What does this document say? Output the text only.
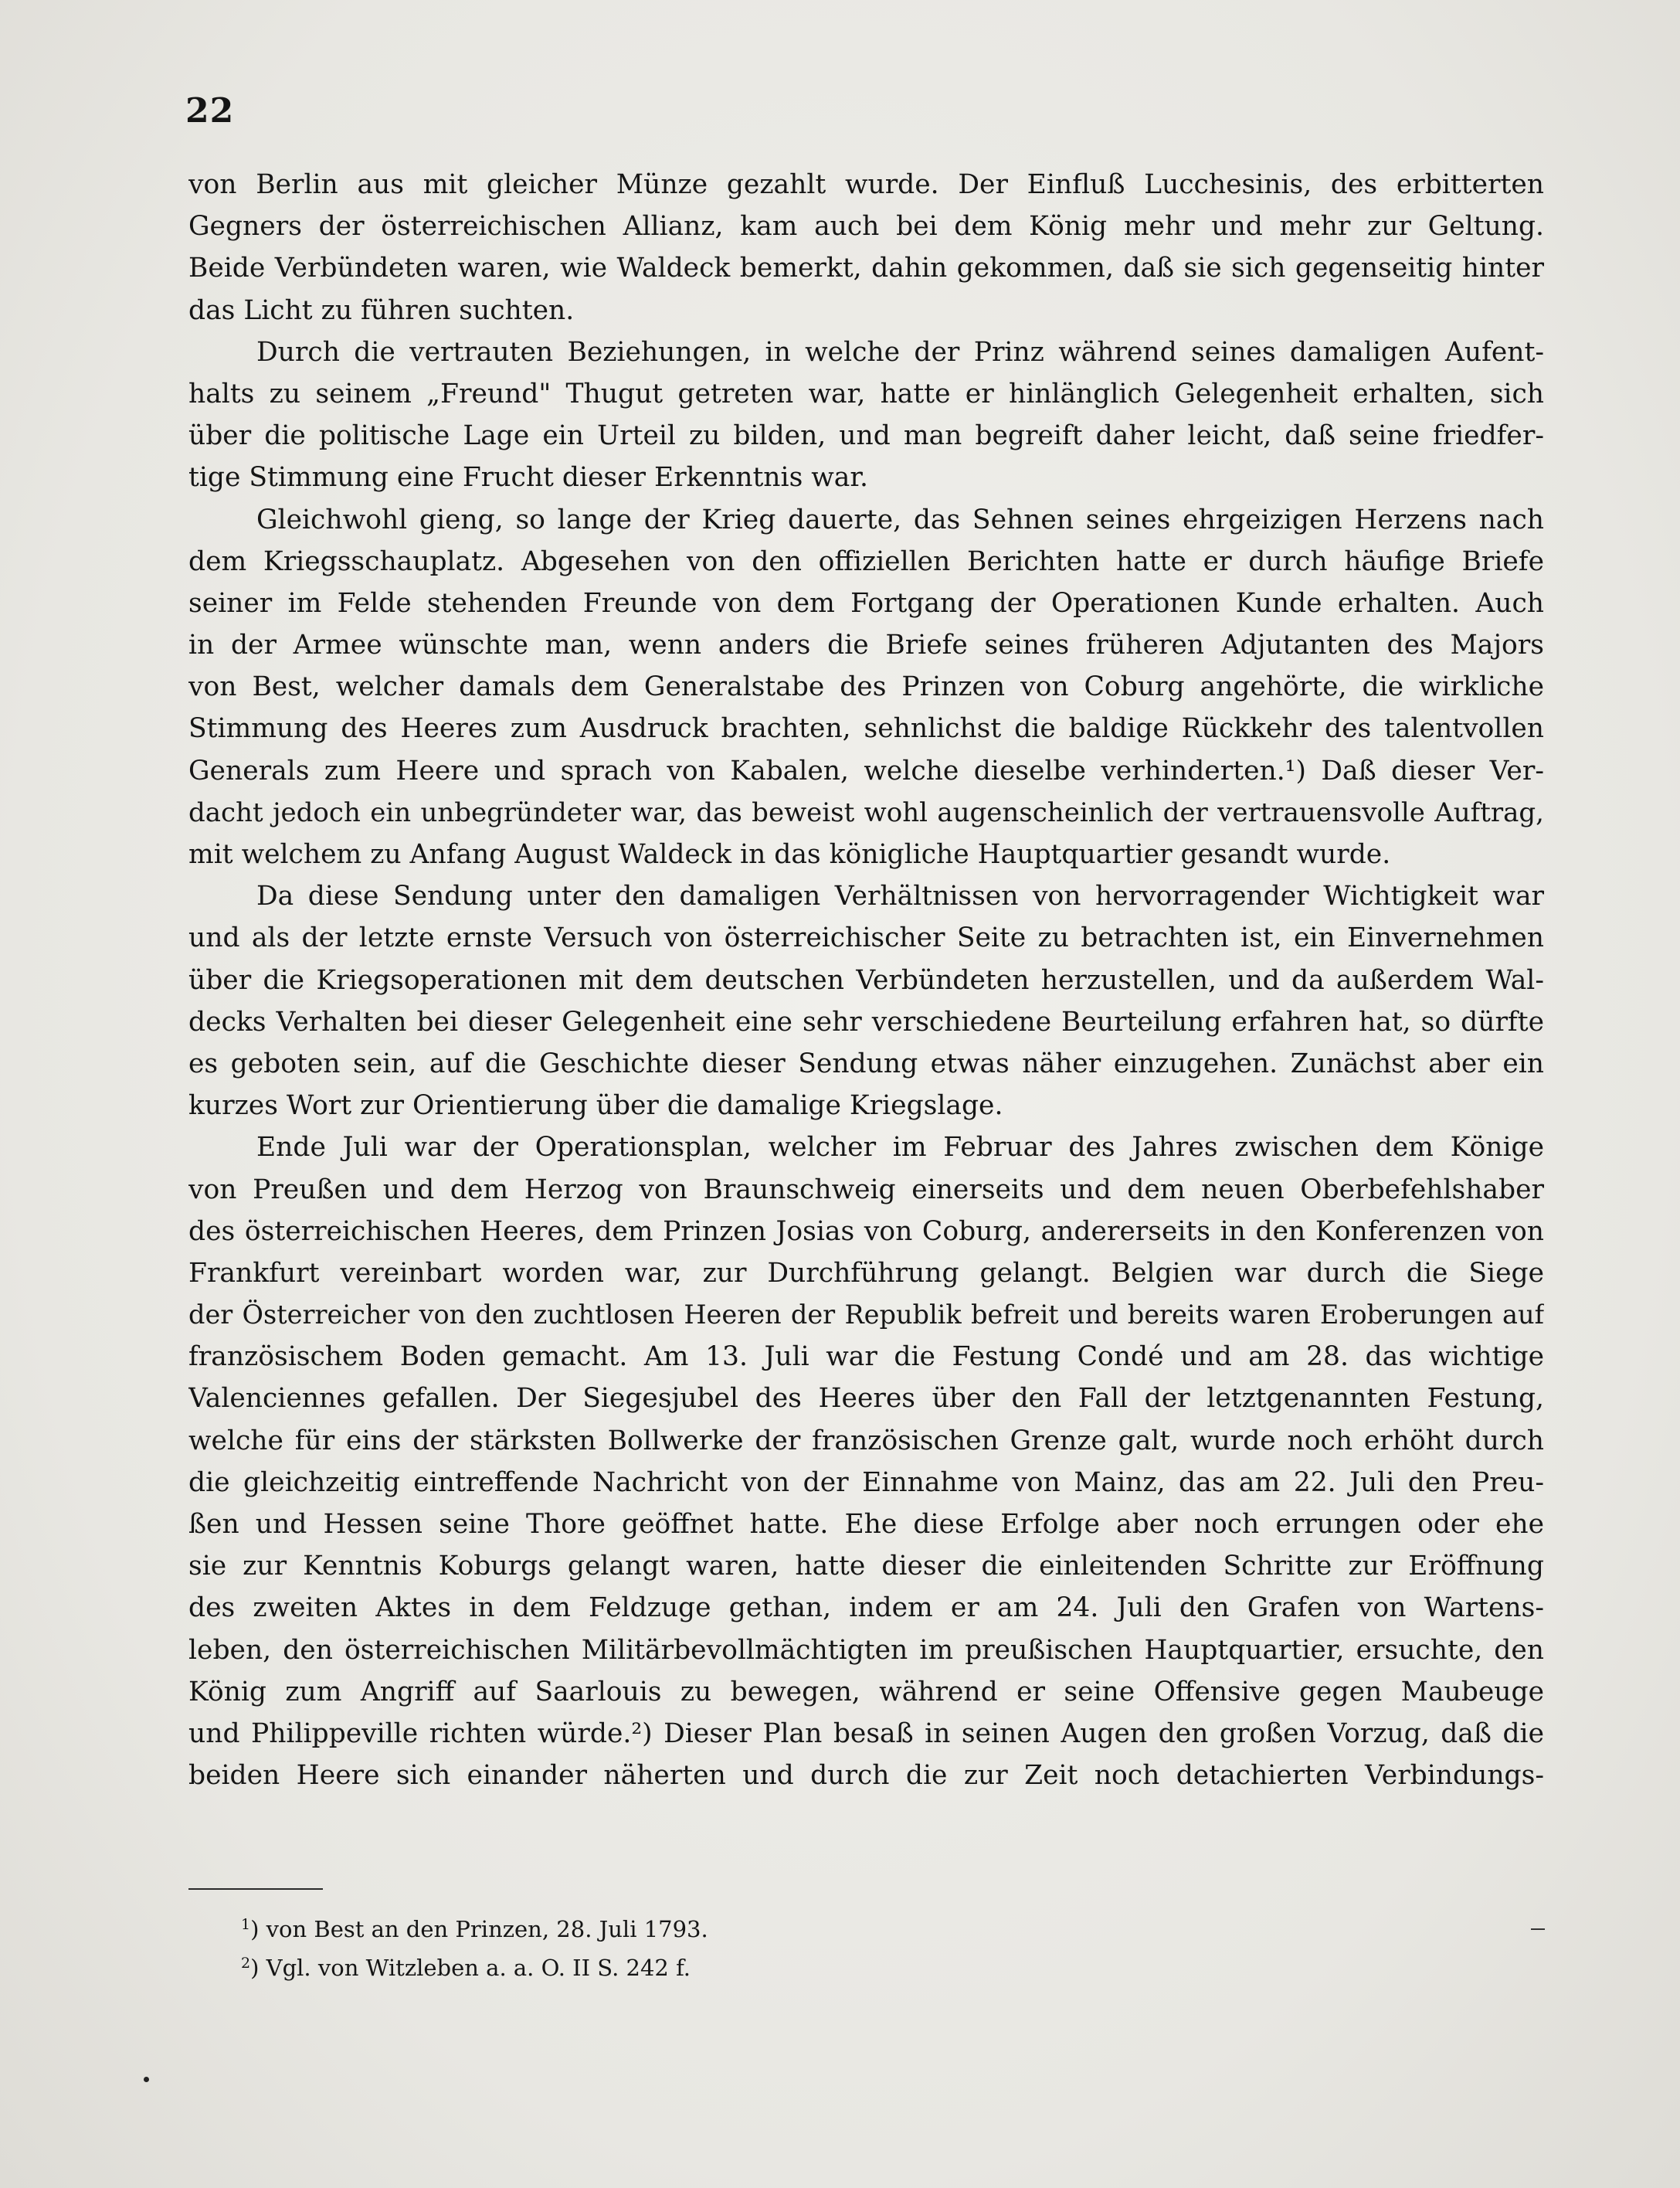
22
von Berlin aus mit gleicher Münze gezahlt wurde. Der Einfluß Lucchesinis, des erbitterten
Gegners der österreichischen Allianz, kam auch bei dem König mehr und mehr zur Geltung.
Beide Verbündeten waren, wie Waldeck bemerkt, dahin gekommen, daß sie sich gegenseitig hinter
das Licht zu führen suchten.
Durch die vertrauten Beziehungen, in welche der Prinz während seines damaligen Aufent-
halts zu seinem „Freund" Thugut getreten war, hatte er hinlänglich Gelegenheit erhalten, sich
über die politische Lage ein Urteil zu bilden, und man begreift daher leicht, daß seine friedfer-
tige Stimmung eine Frucht dieser Erkenntnis war.
Gleichwohl gieng, so lange der Krieg dauerte, das Sehnen seines ehrgeizigen Herzens nach
dem Kriegsschauplatz. Abgesehen von den offiziellen Berichten hatte er durch häufige Briefe
seiner im Felde stehenden Freunde von dem Fortgang der Operationen Kunde erhalten. Auch
in der Armee wünschte man, wenn anders die Briefe seines früheren Adjutanten des Majors
von Best, welcher damals dem Generalstabe des Prinzen von Coburg angehörte, die wirkliche
Stimmung des Heeres zum Ausdruck brachten, sehnlichst die baldige Rückkehr des talentvollen
Generals zum Heere und sprach von Kabalen, welche dieselbe verhinderten.¹) Daß dieser Ver-
dacht jedoch ein unbegründeter war, das beweist wohl augenscheinlich der vertrauensvolle Auftrag,
mit welchem zu Anfang August Waldeck in das königliche Hauptquartier gesandt wurde.
Da diese Sendung unter den damaligen Verhältnissen von hervorragender Wichtigkeit war
und als der letzte ernste Versuch von österreichischer Seite zu betrachten ist, ein Einvernehmen
über die Kriegsoperationen mit dem deutschen Verbündeten herzustellen, und da außerdem Wal-
decks Verhalten bei dieser Gelegenheit eine sehr verschiedene Beurteilung erfahren hat, so dürfte
es geboten sein, auf die Geschichte dieser Sendung etwas näher einzugehen. Zunächst aber ein
kurzes Wort zur Orientierung über die damalige Kriegslage.
Ende Juli war der Operationsplan, welcher im Februar des Jahres zwischen dem Könige
von Preußen und dem Herzog von Braunschweig einerseits und dem neuen Oberbefehlshaber
des österreichischen Heeres, dem Prinzen Josias von Coburg, andererseits in den Konferenzen von
Frankfurt vereinbart worden war, zur Durchführung gelangt. Belgien war durch die Siege
der Österreicher von den zuchtlosen Heeren der Republik befreit und bereits waren Eroberungen auf
französischem Boden gemacht. Am 13. Juli war die Festung Condé und am 28. das wichtige
Valenciennes gefallen. Der Siegesjubel des Heeres über den Fall der letztgenannten Festung,
welche für eins der stärksten Bollwerke der französischen Grenze galt, wurde noch erhöht durch
die gleichzeitig eintreffende Nachricht von der Einnahme von Mainz, das am 22. Juli den Preu-
ßen und Hessen seine Thore geöffnet hatte. Ehe diese Erfolge aber noch errungen oder ehe
sie zur Kenntnis Koburgs gelangt waren, hatte dieser die einleitenden Schritte zur Eröffnung
des zweiten Aktes in dem Feldzuge gethan, indem er am 24. Juli den Grafen von Wartens-
leben, den österreichischen Militärbevollmächtigten im preußischen Hauptquartier, ersuchte, den
König zum Angriff auf Saarlouis zu bewegen, während er seine Offensive gegen Maubeuge
und Philippeville richten würde.²) Dieser Plan besaß in seinen Augen den großen Vorzug, daß die
beiden Heere sich einander näherten und durch die zur Zeit noch detachierten Verbindungs-
$^1$) von Best an den Prinzen, 28. Juli 1793.
$^2$) Vgl. von Witzleben a. a. O. II S. 242 f.
